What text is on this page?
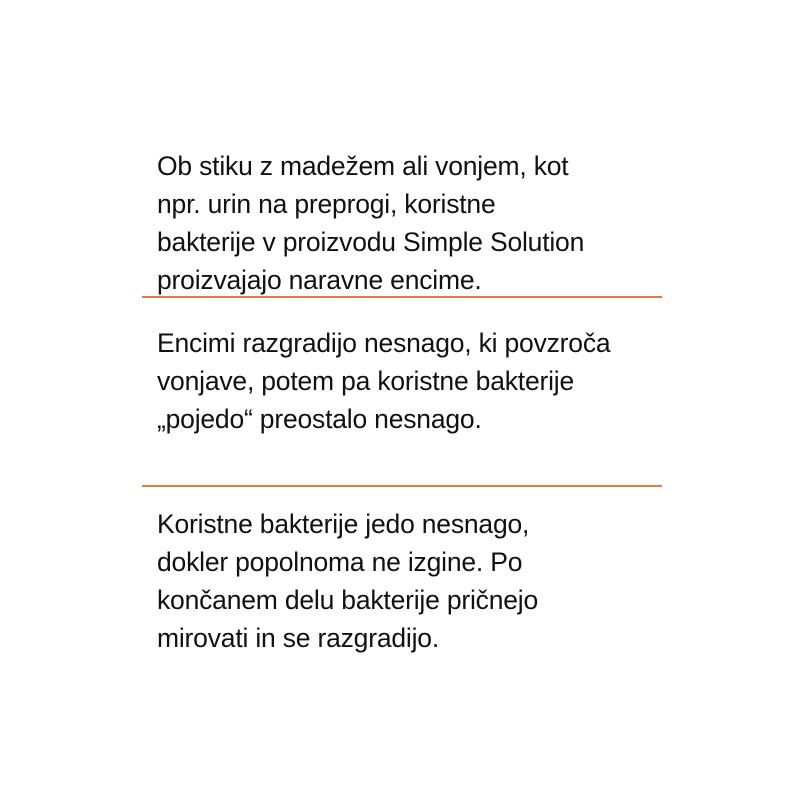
Ob stiku z madežem ali vonjem, kot
npr. urin na preprogi, koristne
bakterije v proizvodu Simple Solution
proizvajajo naravne encime.
Encimi razgradijo nesnago, ki povzroča
vonjave, potem pa koristne bakterije
„pojedo“ preostalo nesnago.
Koristne bakterije jedo nesnago,
dokler popolnoma ne izgine. Po
končanem delu bakterije pričnejo
mirovati in se razgradijo.
